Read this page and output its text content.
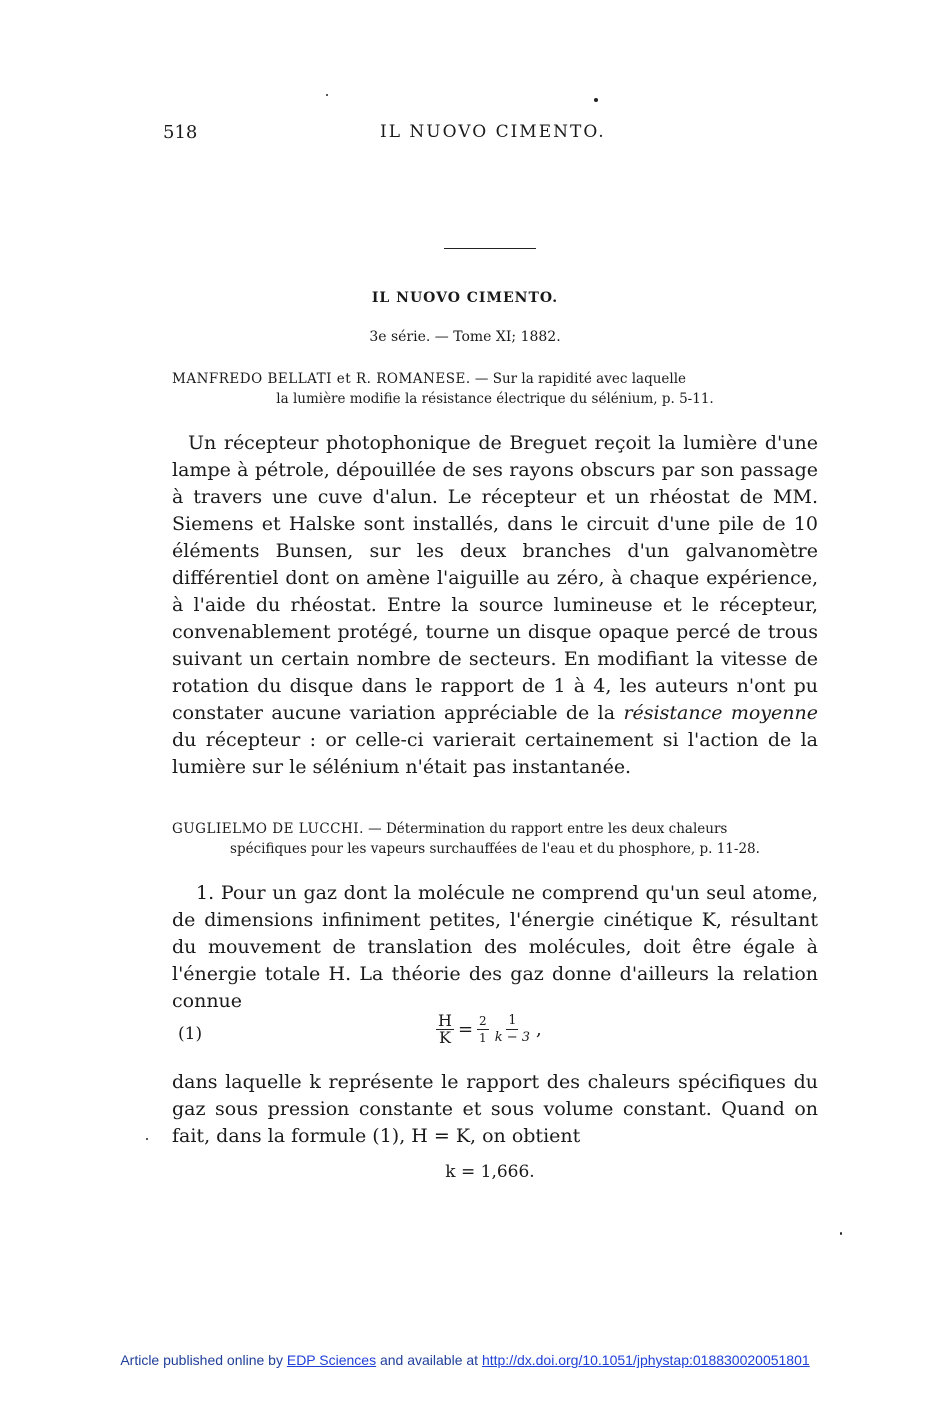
518	IL NUOVO CIMENTO.
IL NUOVO CIMENTO.
3e série. — Tome XI; 1882.
MANFREDO BELLATI et R. ROMANESE. — Sur la rapidité avec laquelle
la lumière modifie la résistance électrique du sélénium, p. 5-11.
Un récepteur photophonique de Breguet reçoit la lumière d'une lampe à pétrole, dépouillée de ses rayons obscurs par son passage à travers une cuve d'alun. Le récepteur et un rhéostat de MM. Siemens et Halske sont installés, dans le circuit d'une pile de 10 éléments Bunsen, sur les deux branches d'un galvanomètre différentiel dont on amène l'aiguille au zéro, à chaque expérience, à l'aide du rhéostat. Entre la source lumineuse et le récepteur, convenablement protégé, tourne un disque opaque percé de trous suivant un certain nombre de secteurs. En modifiant la vitesse de rotation du disque dans le rapport de 1 à 4, les auteurs n'ont pu constater aucune variation appréciable de la résistance moyenne du récepteur : or celle-ci varierait certainement si l'action de la lumière sur le sélénium n'était pas instantanée.
GUGLIELMO DE LUCCHI. — Détermination du rapport entre les deux chaleurs
spécifiques pour les vapeurs surchauffées de l'eau et du phosphore, p. 11-28.
1. Pour un gaz dont la molécule ne comprend qu'un seul atome, de dimensions infiniment petites, l'énergie cinétique K, résultant du mouvement de translation des molécules, doit être égale à l'énergie totale H. La théorie des gaz donne d'ailleurs la relation connue
(1)	$\frac{H}{K} = \frac{2}{1} \frac{1}{k - 3}$ ,
dans laquelle k représente le rapport des chaleurs spécifiques du gaz sous pression constante et sous volume constant. Quand on fait, dans la formule (1), H = K, on obtient
k = 1,666.
Article published online by EDP Sciences and available at http://dx.doi.org/10.1051/jphystap:018830020051801
